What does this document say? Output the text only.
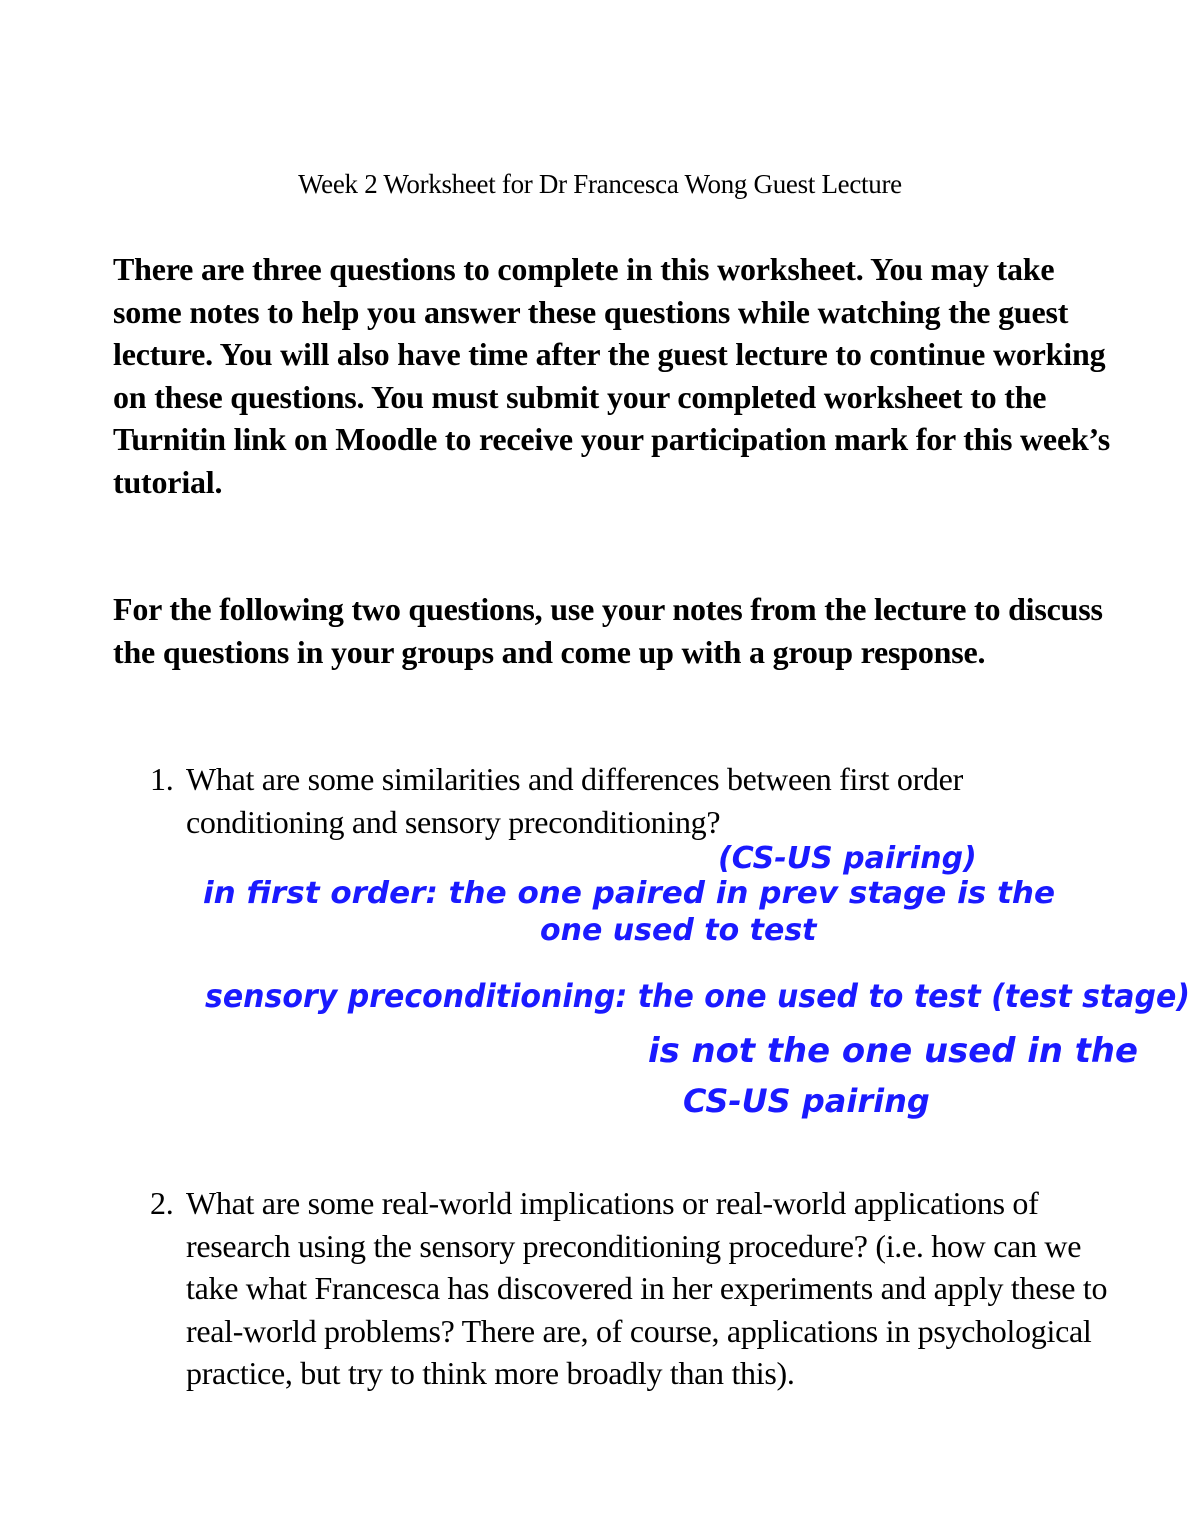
Week 2 Worksheet for Dr Francesca Wong Guest Lecture

There are three questions to complete in this worksheet. You may take some notes to help you answer these questions while watching the guest lecture. You will also have time after the guest lecture to continue working on these questions. You must submit your completed worksheet to the Turnitin link on Moodle to receive your participation mark for this week’s tutorial.

For the following two questions, use your notes from the lecture to discuss the questions in your groups and come up with a group response.

1. What are some similarities and differences between first order conditioning and sensory preconditioning?
(CS-US pairing)
in first order: the one paired in prev stage is the
one used to test
sensory preconditioning: the one used to test (test stage)
is not the one used in the
CS-US pairing
2. What are some real-world implications or real-world applications of research using the sensory preconditioning procedure? (i.e. how can we take what Francesca has discovered in her experiments and apply these to real-world problems? There are, of course, applications in psychological practice, but try to think more broadly than this).
